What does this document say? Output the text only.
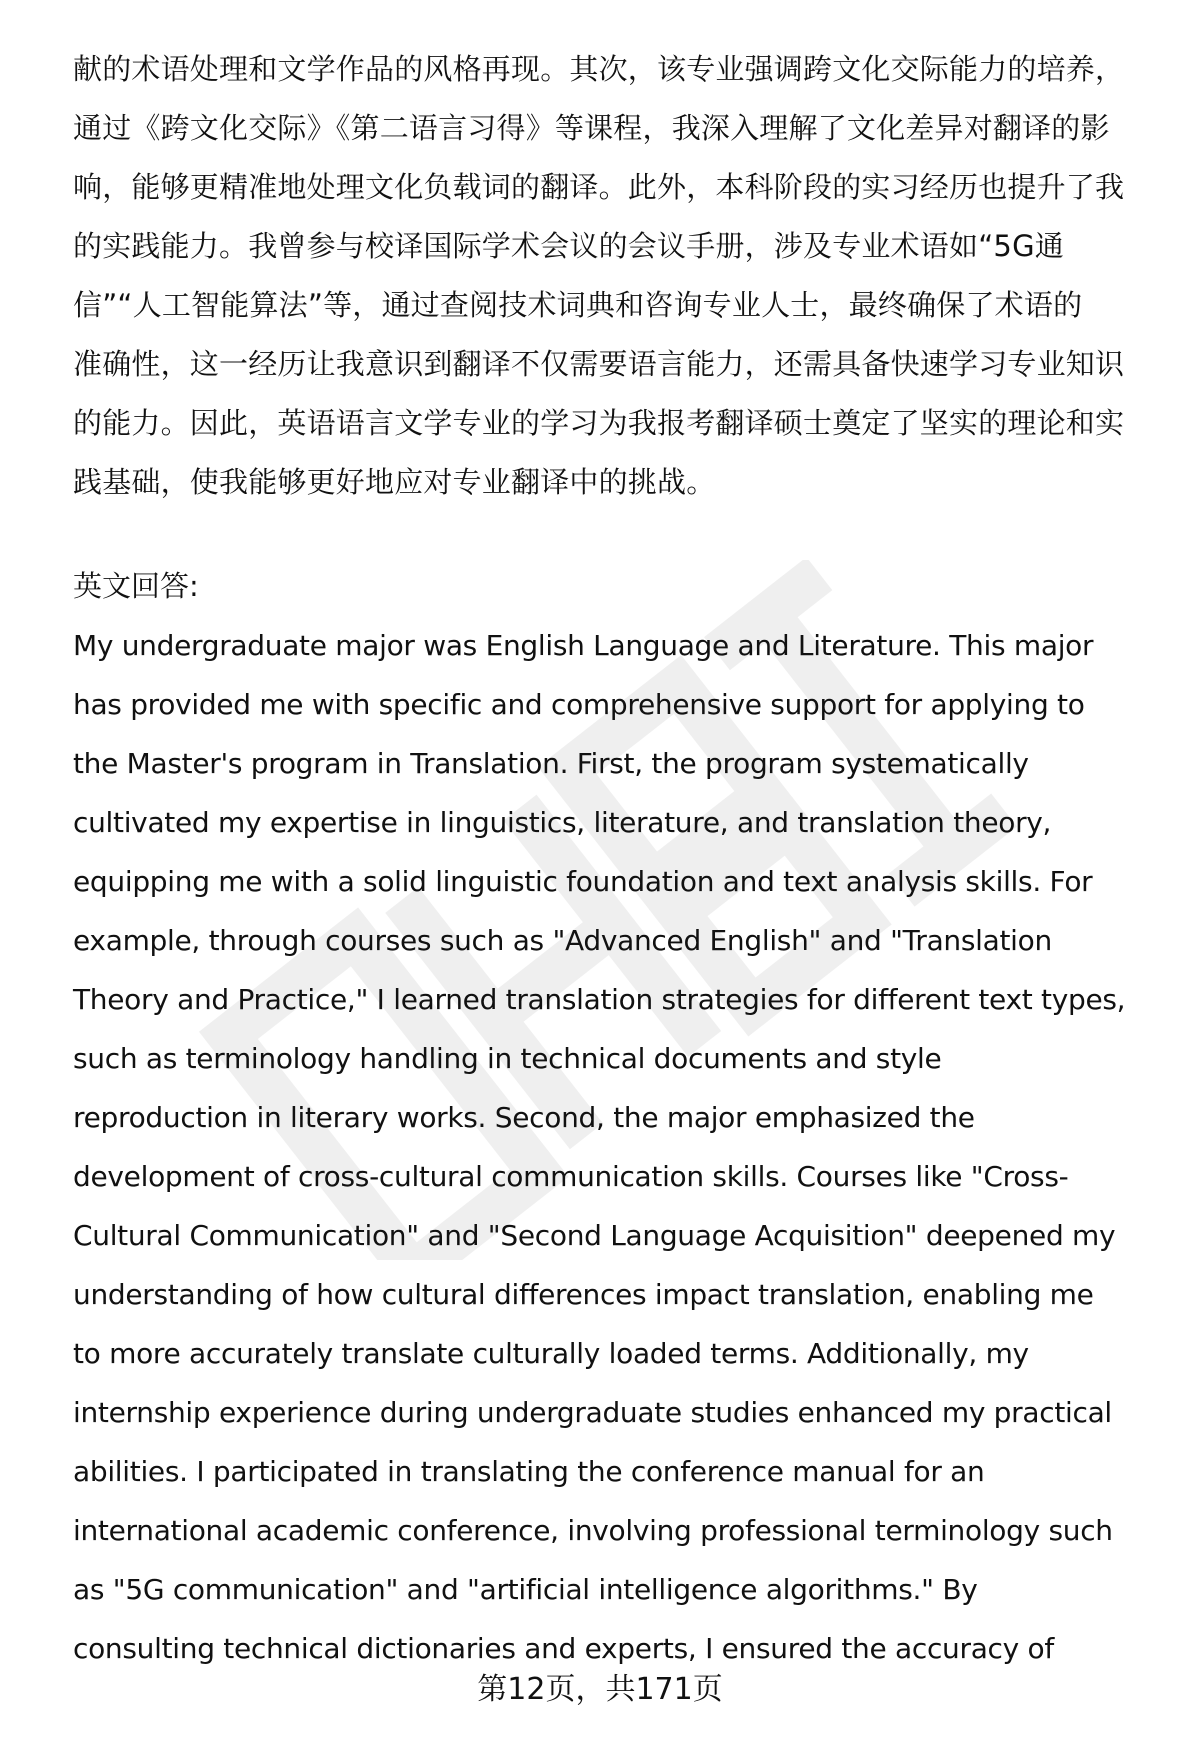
献的术语处理和文学作品的风格再现。其次，该专业强调跨文化交际能力的培养，
通过《跨文化交际》《第二语言习得》等课程，我深入理解了文化差异对翻译的影
响，能够更精准地处理文化负载词的翻译。此外，本科阶段的实习经历也提升了我
的实践能力。我曾参与校译国际学术会议的会议手册，涉及专业术语如“5G通
信”“人工智能算法”等，通过查阅技术词典和咨询专业人士，最终确保了术语的
准确性，这一经历让我意识到翻译不仅需要语言能力，还需具备快速学习专业知识
的能力。因此，英语语言文学专业的学习为我报考翻译硕士奠定了坚实的理论和实
践基础，使我能够更好地应对专业翻译中的挑战。
英文回答:
My undergraduate major was English Language and Literature. This major
has provided me with specific and comprehensive support for applying to
the Master's program in Translation. First, the program systematically
cultivated my expertise in linguistics, literature, and translation theory,
equipping me with a solid linguistic foundation and text analysis skills. For
example, through courses such as "Advanced English" and "Translation
Theory and Practice," I learned translation strategies for different text types,
such as terminology handling in technical documents and style
reproduction in literary works. Second, the major emphasized the
development of cross-cultural communication skills. Courses like "Cross-
Cultural Communication" and "Second Language Acquisition" deepened my
understanding of how cultural differences impact translation, enabling me
to more accurately translate culturally loaded terms. Additionally, my
internship experience during undergraduate studies enhanced my practical
abilities. I participated in translating the conference manual for an
international academic conference, involving professional terminology such
as "5G communication" and "artificial intelligence algorithms." By
consulting technical dictionaries and experts, I ensured the accuracy of
第12页，共171页
